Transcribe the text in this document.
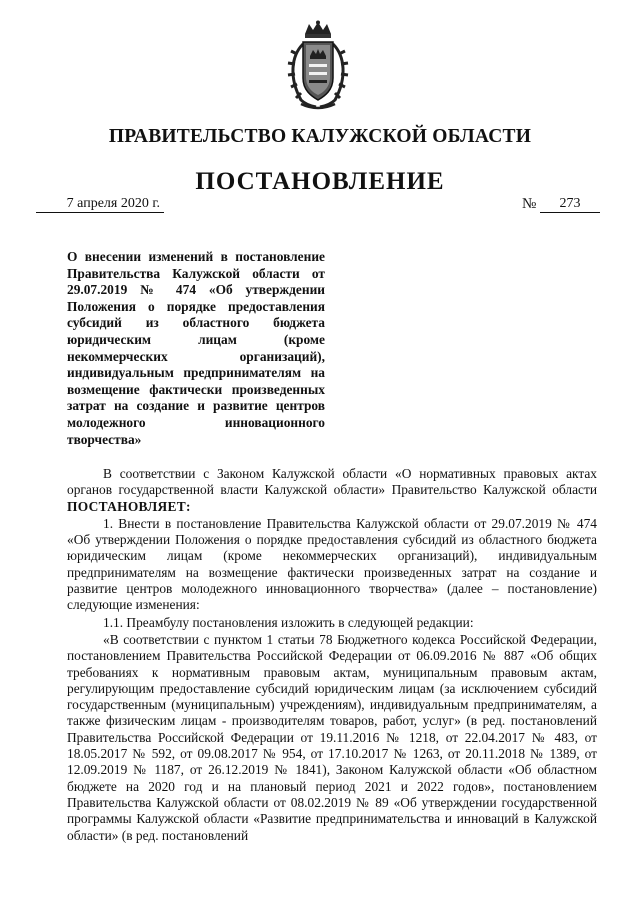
ПРАВИТЕЛЬСТВО КАЛУЖСКОЙ ОБЛАСТИ
ПОСТАНОВЛЕНИЕ
7 апреля 2020 г.	№	273
О внесении изменений в постановление Правительства Калужской области от 29.07.2019 № 474 «Об утверждении Положения о порядке предоставления субсидий из областного бюджета юридическим лицам (кроме некоммерческих организаций), индивидуальным предпринимателям на возмещение фактически произведенных затрат на создание и развитие центров молодежного инновационного творчества»

В соответствии с Законом Калужской области «О нормативных правовых актах органов государственной власти Калужской области» Правительство Калужской области ПОСТАНОВЛЯЕТ:

1. Внести в постановление Правительства Калужской области от 29.07.2019 № 474 «Об утверждении Положения о порядке предоставления субсидий из областного бюджета юридическим лицам (кроме некоммерческих организаций), индивидуальным предпринимателям на возмещение фактически произведенных затрат на создание и развитие центров молодежного инновационного творчества» (далее – постановление) следующие изменения:

1.1. Преамбулу постановления изложить в следующей редакции:

«В соответствии с пунктом 1 статьи 78 Бюджетного кодекса Российской Федерации, постановлением Правительства Российской Федерации от 06.09.2016 № 887 «Об общих требованиях к нормативным правовым актам, муниципальным правовым актам, регулирующим предоставление субсидий юридическим лицам (за исключением субсидий государственным (муниципальным) учреждениям), индивидуальным предпринимателям, а также физическим лицам - производителям товаров, работ, услуг» (в ред. постановлений Правительства Российской Федерации от 19.11.2016 № 1218, от 22.04.2017 № 483, от 18.05.2017 № 592, от 09.08.2017 № 954, от 17.10.2017 № 1263, от 20.11.2018 № 1389, от 12.09.2019 № 1187, от 26.12.2019 № 1841), Законом Калужской области «Об областном бюджете на 2020 год и на плановый период 2021 и 2022 годов», постановлением Правительства Калужской области от 08.02.2019 № 89 «Об утверждении государственной программы Калужской области «Развитие предпринимательства и инноваций в Калужской области» (в ред. постановлений
